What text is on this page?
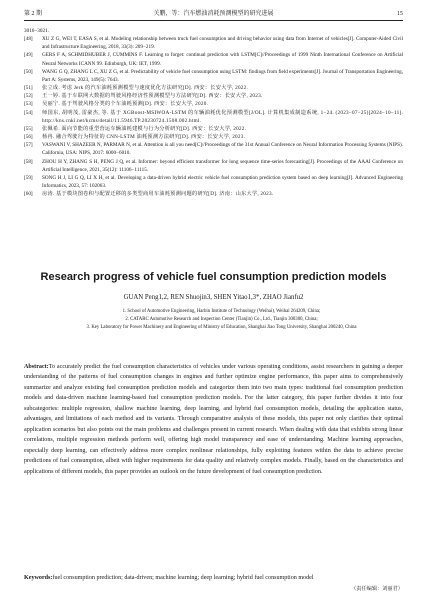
第 2 期	关鹏，等：汽车燃油消耗预测模型的研究进展	15
3016−3021.
[48]	XU Z G, WEI T, EASA S, et al. Modeling relationship between truck fuel consumption and driving behavior using data from Internet of vehicles[J]. Computer-Aided Civil and Infrastructure Engineering, 2018, 33(3): 209−219.
[49]	GERS F A, SCHMIDHUBER J, CUMMINS F. Learning to forget: continual prediction with LSTM[C]//Proceedings of 1999 Ninth International Conference on Artificial Neural Networks ICANN 99. Edinburgh, UK: IET, 1999.
[50]	WANG G Q, ZHANG L C, XU Z G, et al. Predictability of vehicle fuel consumption using LSTM: findings from field experiments[J]. Journal of Transportation Engineering, Part A: Systems, 2023, 149(5): 7643.
[51]	张立成. 考虑 Jerk 的汽车油耗预测模型与速度优化方法研究[D]. 西安：长安大学, 2022.
[52]	王一婷. 基于车联网大数据的驾驶风格经济性预测模型与方法研究[D]. 西安：长安大学, 2023.
[53]	吴丽宁. 基于驾驶风格分类的个车油耗预测[D]. 西安：长安大学, 2020.
[54]	师国东, 胡明茂, 雷豪杰, 等. 基于 XGBoost-MSIWOA-LSTM 的车辆油耗优化预测模型[J/OL]. 计算机集成制造系统, 1−24. (2023−07−25)[2024−10−11]. http://kns.cnki.net/kcms/detail/11.5946.TP.20230724.1508.002.html.
[55]	张佩希. 面向节能的重型营运车辆油耗建模与行为分析研究[D]. 西安：长安大学, 2022.
[56]	杨冉. 融合驾驶行为特征的 CNN-LSTM 油耗预测方法研究[D]. 西安：长安大学, 2023.
[57]	VASWANI V, SHAZEER N, PARMAR N, et al. Attention is all you need[C]//Proceedings of the 31st Annual Conference on Neural Information Processing Systems (NIPS). California, USA: NIPS, 2017: 6000−6010.
[58]	ZHOU H Y, ZHANG S H, PENG J Q, et al. Informer: beyond efficient transformer for long sequence time-series forecasting[J]. Proceedings of the AAAI Conference on Artificial Intelligence, 2021, 35(12): 11106−11115.
[59]	SONG H J, LI G Q, LI X H, et al. Developing a data-driven hybrid electric vehicle fuel consumption prediction system based on deep learning[J]. Advanced Engineering Informatics, 2023, 57: 102063.
[60]	房涛. 基于模块图卷积与配置迁移的多类型商用车油耗预测问题的研究[D]. 济南：山东大学, 2023.
Research progress of vehicle fuel consumption prediction models
GUAN Peng1,2, REN Shuojin3, SHEN Yitao1,3*, ZHAO Jianfu2
1. School of Automotive Engineering, Harbin Institute of Technology (Weihai), Weihai 264209, China;
2. CATARC Automotive Research and Inspection Center (Tianjin) Co., Ltd., Tianjin 300300, China;
3. Key Laboratory for Power Machinery and Engineering of Ministry of Education, Shanghai Jiao Tong University, Shanghai 200240, China

Abstract:To accurately predict the fuel consumption characteristics of vehicles under various operating conditions, assist researchers in gaining a deeper understanding of the patterns of fuel consumption changes in engines and further optimize engine performance, this paper aims to comprehensively summarize and analyze existing fuel consumption prediction models and categorize them into two main types: traditional fuel consumption prediction models and data-driven machine learning-based fuel consumption prediction models. For the latter category, this paper further divides it into four subcategories: multiple regression, shallow machine learning, deep learning, and hybrid fuel consumption models, detailing the application status, advantages, and limitations of each method and its variants. Through comparative analysis of these models, this paper not only clarifies their optimal application scenarios but also points out the main problems and challenges present in current research. When dealing with data that exhibits strong linear correlations, multiple regression methods perform well, offering high model transparency and ease of understanding. Machine learning approaches, especially deep learning, can effectively address more complex nonlinear relationships, fully exploiting features within the data to achieve precise predictions of fuel consumption, albeit with higher requirements for data quality and relatively complex models. Finally, based on the characteristics and applications of different models, this paper provides an outlook on the future development of fuel consumption prediction.

Keywords:fuel consumption prediction; data-driven; machine learning; deep learning; hybrid fuel consumption model

（责任编辑：刘丽君）
